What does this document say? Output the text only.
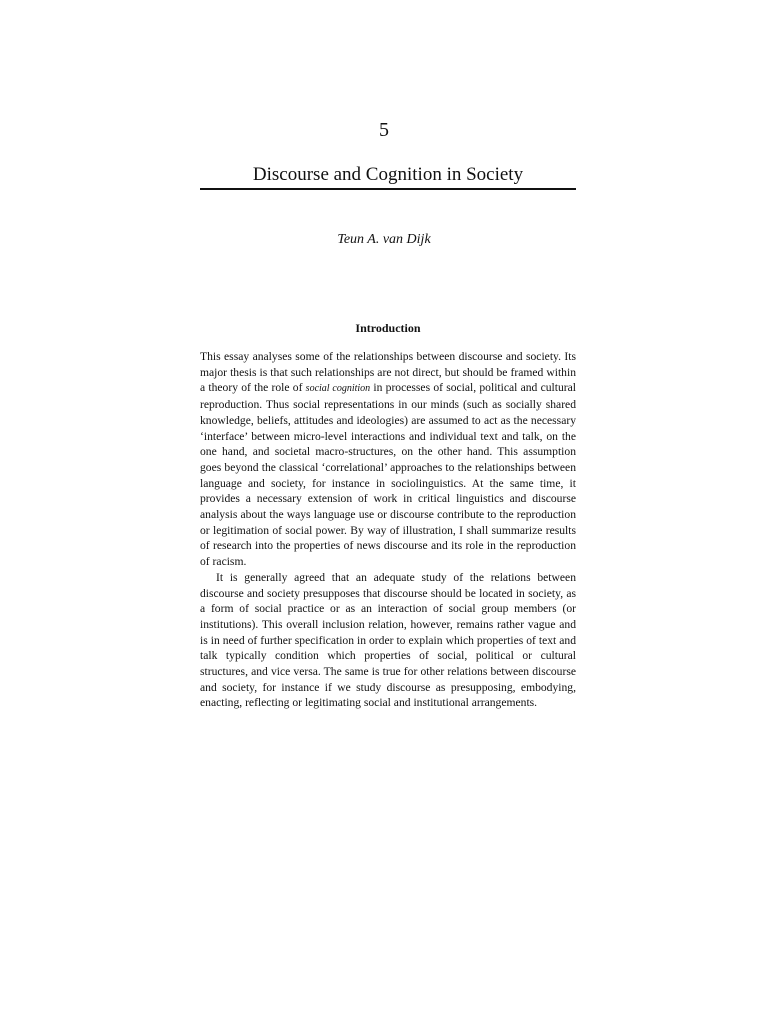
5
Discourse and Cognition in Society
Teun A. van Dijk
Introduction

This essay analyses some of the relationships between discourse and society. Its major thesis is that such relationships are not direct, but should be framed within a theory of the role of social cognition in processes of social, political and cultural reproduction. Thus social representations in our minds (such as socially shared knowledge, beliefs, attitudes and ideologies) are assumed to act as the necessary ‘interface’ between micro-level interactions and individual text and talk, on the one hand, and societal macro-structures, on the other hand. This assumption goes beyond the classical ‘correlational’ approaches to the relationships between language and society, for instance in sociolinguistics. At the same time, it provides a necessary extension of work in critical linguistics and discourse analysis about the ways language use or discourse contribute to the reproduction or legitimation of social power. By way of illustration, I shall summarize results of research into the properties of news discourse and its role in the reproduction of racism.

It is generally agreed that an adequate study of the relations between discourse and society presupposes that discourse should be located in society, as a form of social practice or as an interaction of social group members (or institutions). This overall inclusion relation, however, remains rather vague and is in need of further specification in order to explain which properties of text and talk typically condition which properties of social, political or cultural structures, and vice versa. The same is true for other relations between discourse and society, for instance if we study discourse as presupposing, embodying, enacting, reflecting or legitimating social and institutional arrangements.
